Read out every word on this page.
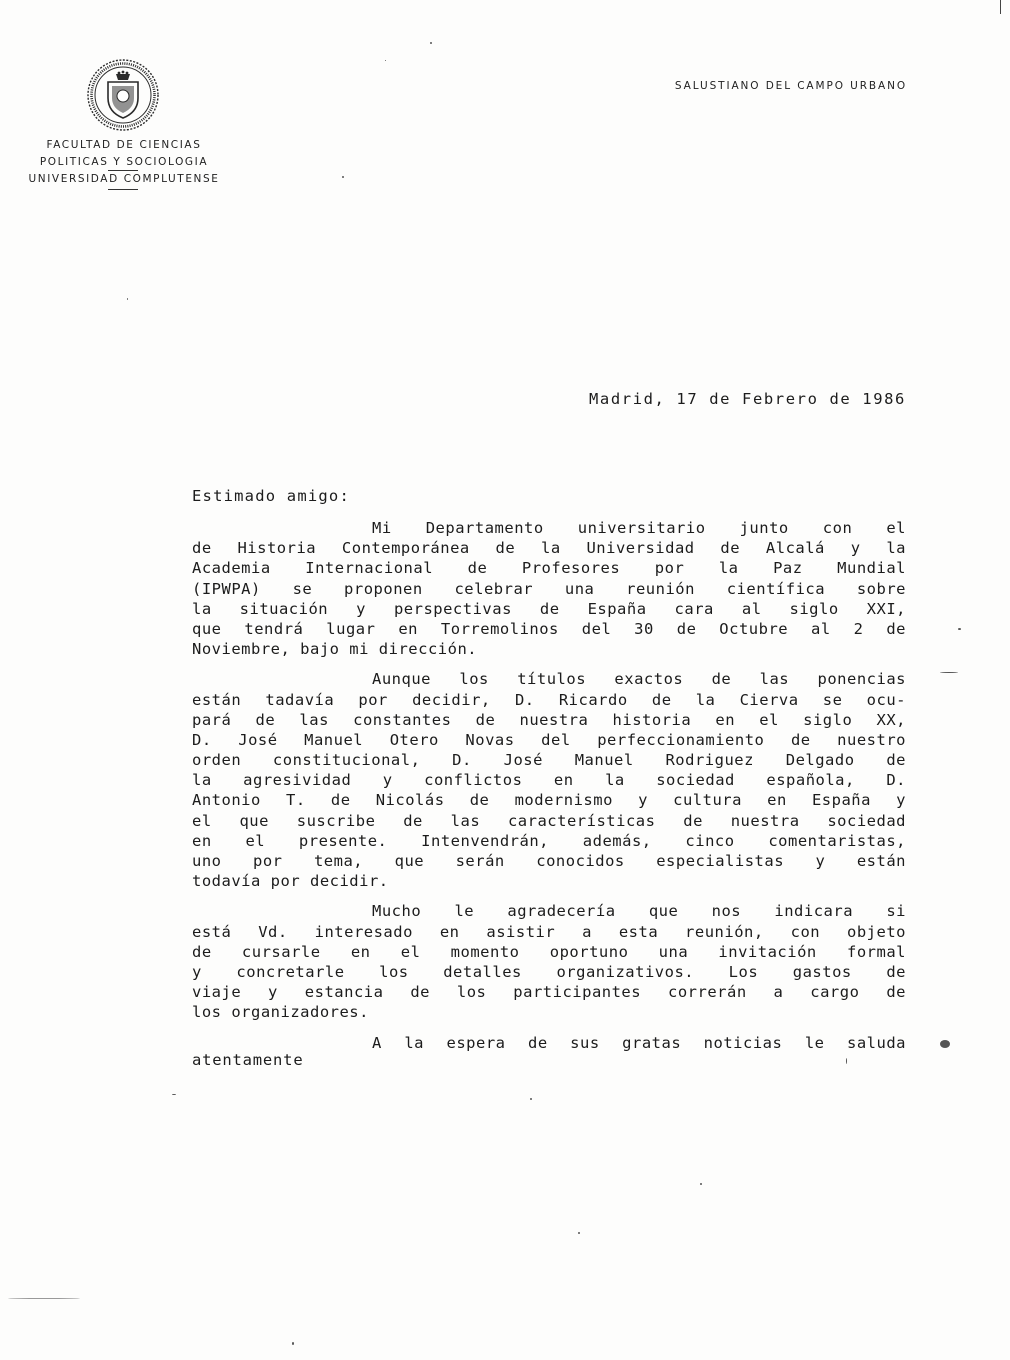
FACULTAD DE CIENCIAS
POLITICAS Y SOCIOLOGIA
UNIVERSIDAD COMPLUTENSE
SALUSTIANO DEL CAMPO URBANO
Madrid, 17 de Febrero de 1986
Estimado amigo:
Mi Departamento universitario junto con el
de Historia Contemporánea de la Universidad de Alcalá y la
Academia Internacional de Profesores por la Paz Mundial
(IPWPA) se proponen celebrar una reunión científica sobre
la situación y perspectivas de España cara al siglo XXI,
que tendrá lugar en Torremolinos del 30 de Octubre al 2 de
Noviembre, bajo mi dirección.
Aunque los títulos exactos de las ponencias
están tadavía por decidir, D. Ricardo de la Cierva se ocu-
pará de las constantes de nuestra historia en el siglo XX,
D. José Manuel Otero Novas del perfeccionamiento de nuestro
orden constitucional, D. José Manuel Rodriguez Delgado de
la agresividad y conflictos en la sociedad española, D.
Antonio T. de Nicolás de modernismo y cultura en España y
el que suscribe de las características de nuestra sociedad
en el presente. Intenvendrán, además, cinco comentaristas,
uno por tema, que serán conocidos especialistas y están
todavía por decidir.
Mucho le agradecería que nos indicara si
está Vd. interesado en asistir a esta reunión, con objeto
de cursarle en el momento oportuno una invitación formal
y concretarle los detalles organizativos. Los gastos de
viaje y estancia de los participantes correrán a cargo de
los organizadores.
A la espera de sus gratas noticias le saluda
atentamente
